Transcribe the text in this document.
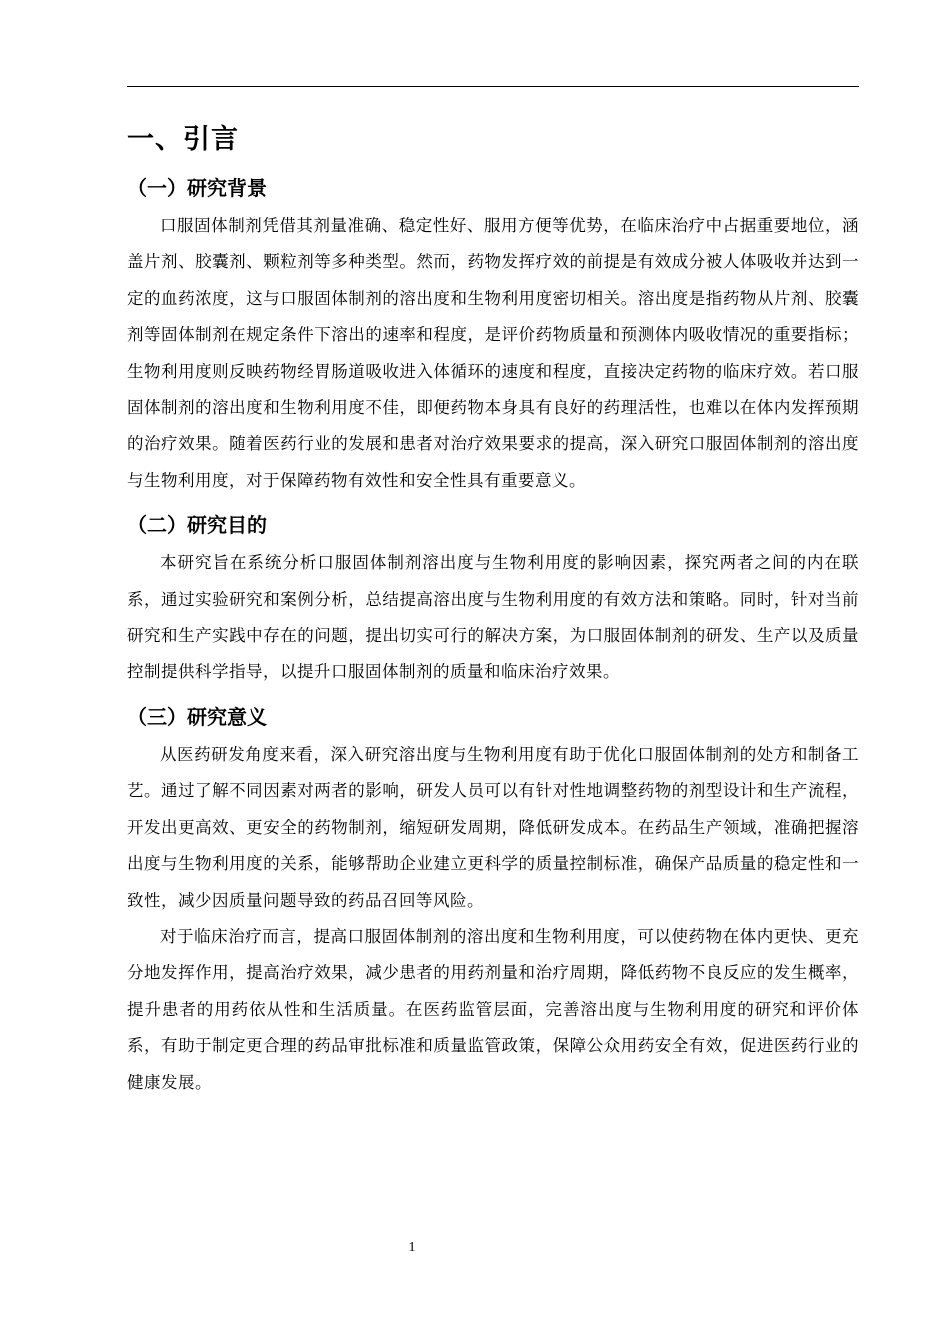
一、引言
（一）研究背景

口服固体制剂凭借其剂量准确、稳定性好、服用方便等优势，在临床治疗中占据重要地位，涵盖片剂、胶囊剂、颗粒剂等多种类型。然而，药物发挥疗效的前提是有效成分被人体吸收并达到一定的血药浓度，这与口服固体制剂的溶出度和生物利用度密切相关。溶出度是指药物从片剂、胶囊剂等固体制剂在规定条件下溶出的速率和程度，是评价药物质量和预测体内吸收情况的重要指标；生物利用度则反映药物经胃肠道吸收进入体循环的速度和程度，直接决定药物的临床疗效。若口服固体制剂的溶出度和生物利用度不佳，即便药物本身具有良好的药理活性，也难以在体内发挥预期的治疗效果。随着医药行业的发展和患者对治疗效果要求的提高，深入研究口服固体制剂的溶出度与生物利用度，对于保障药物有效性和安全性具有重要意义。

（二）研究目的

本研究旨在系统分析口服固体制剂溶出度与生物利用度的影响因素，探究两者之间的内在联系，通过实验研究和案例分析，总结提高溶出度与生物利用度的有效方法和策略。同时，针对当前研究和生产实践中存在的问题，提出切实可行的解决方案，为口服固体制剂的研发、生产以及质量控制提供科学指导，以提升口服固体制剂的质量和临床治疗效果。

（三）研究意义

从医药研发角度来看，深入研究溶出度与生物利用度有助于优化口服固体制剂的处方和制备工艺。通过了解不同因素对两者的影响，研发人员可以有针对性地调整药物的剂型设计和生产流程，开发出更高效、更安全的药物制剂，缩短研发周期，降低研发成本。在药品生产领域，准确把握溶出度与生物利用度的关系，能够帮助企业建立更科学的质量控制标准，确保产品质量的稳定性和一致性，减少因质量问题导致的药品召回等风险。

对于临床治疗而言，提高口服固体制剂的溶出度和生物利用度，可以使药物在体内更快、更充分地发挥作用，提高治疗效果，减少患者的用药剂量和治疗周期，降低药物不良反应的发生概率，提升患者的用药依从性和生活质量。在医药监管层面，完善溶出度与生物利用度的研究和评价体系，有助于制定更合理的药品审批标准和质量监管政策，保障公众用药安全有效，促进医药行业的健康发展。

1
